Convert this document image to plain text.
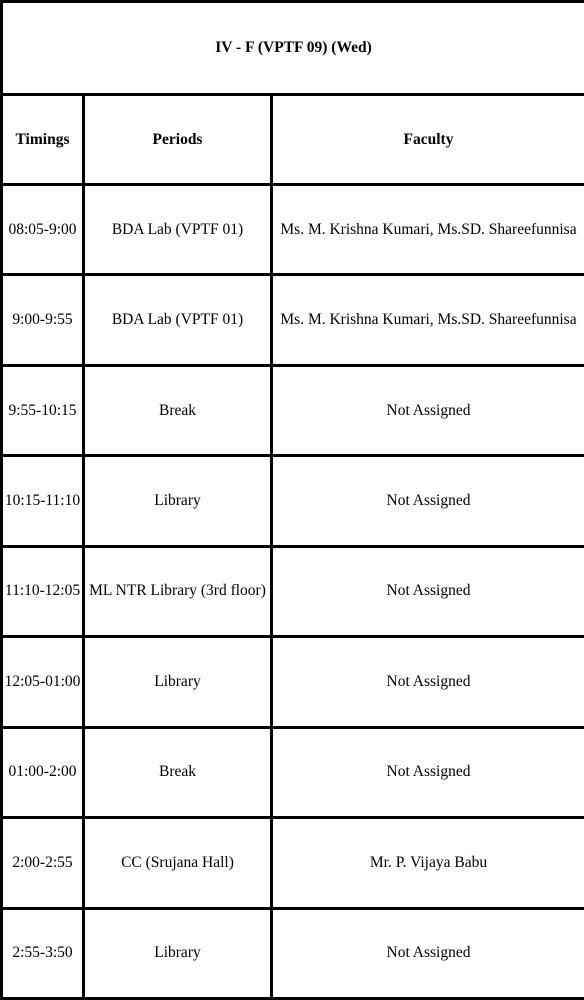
IV - F (VPTF 09) (Wed)		
Timings	Periods	Faculty
08:05-9:00	BDA Lab (VPTF 01)	Ms. M. Krishna Kumari, Ms.SD. Shareefunnisa
9:00-9:55	BDA Lab (VPTF 01)	Ms. M. Krishna Kumari, Ms.SD. Shareefunnisa
9:55-10:15	Break	Not Assigned
10:15-11:10	Library	Not Assigned
11:10-12:05	ML NTR Library (3rd floor)	Not Assigned
12:05-01:00	Library	Not Assigned
01:00-2:00	Break	Not Assigned
2:00-2:55	CC (Srujana Hall)	Mr. P. Vijaya Babu
2:55-3:50	Library	Not Assigned
